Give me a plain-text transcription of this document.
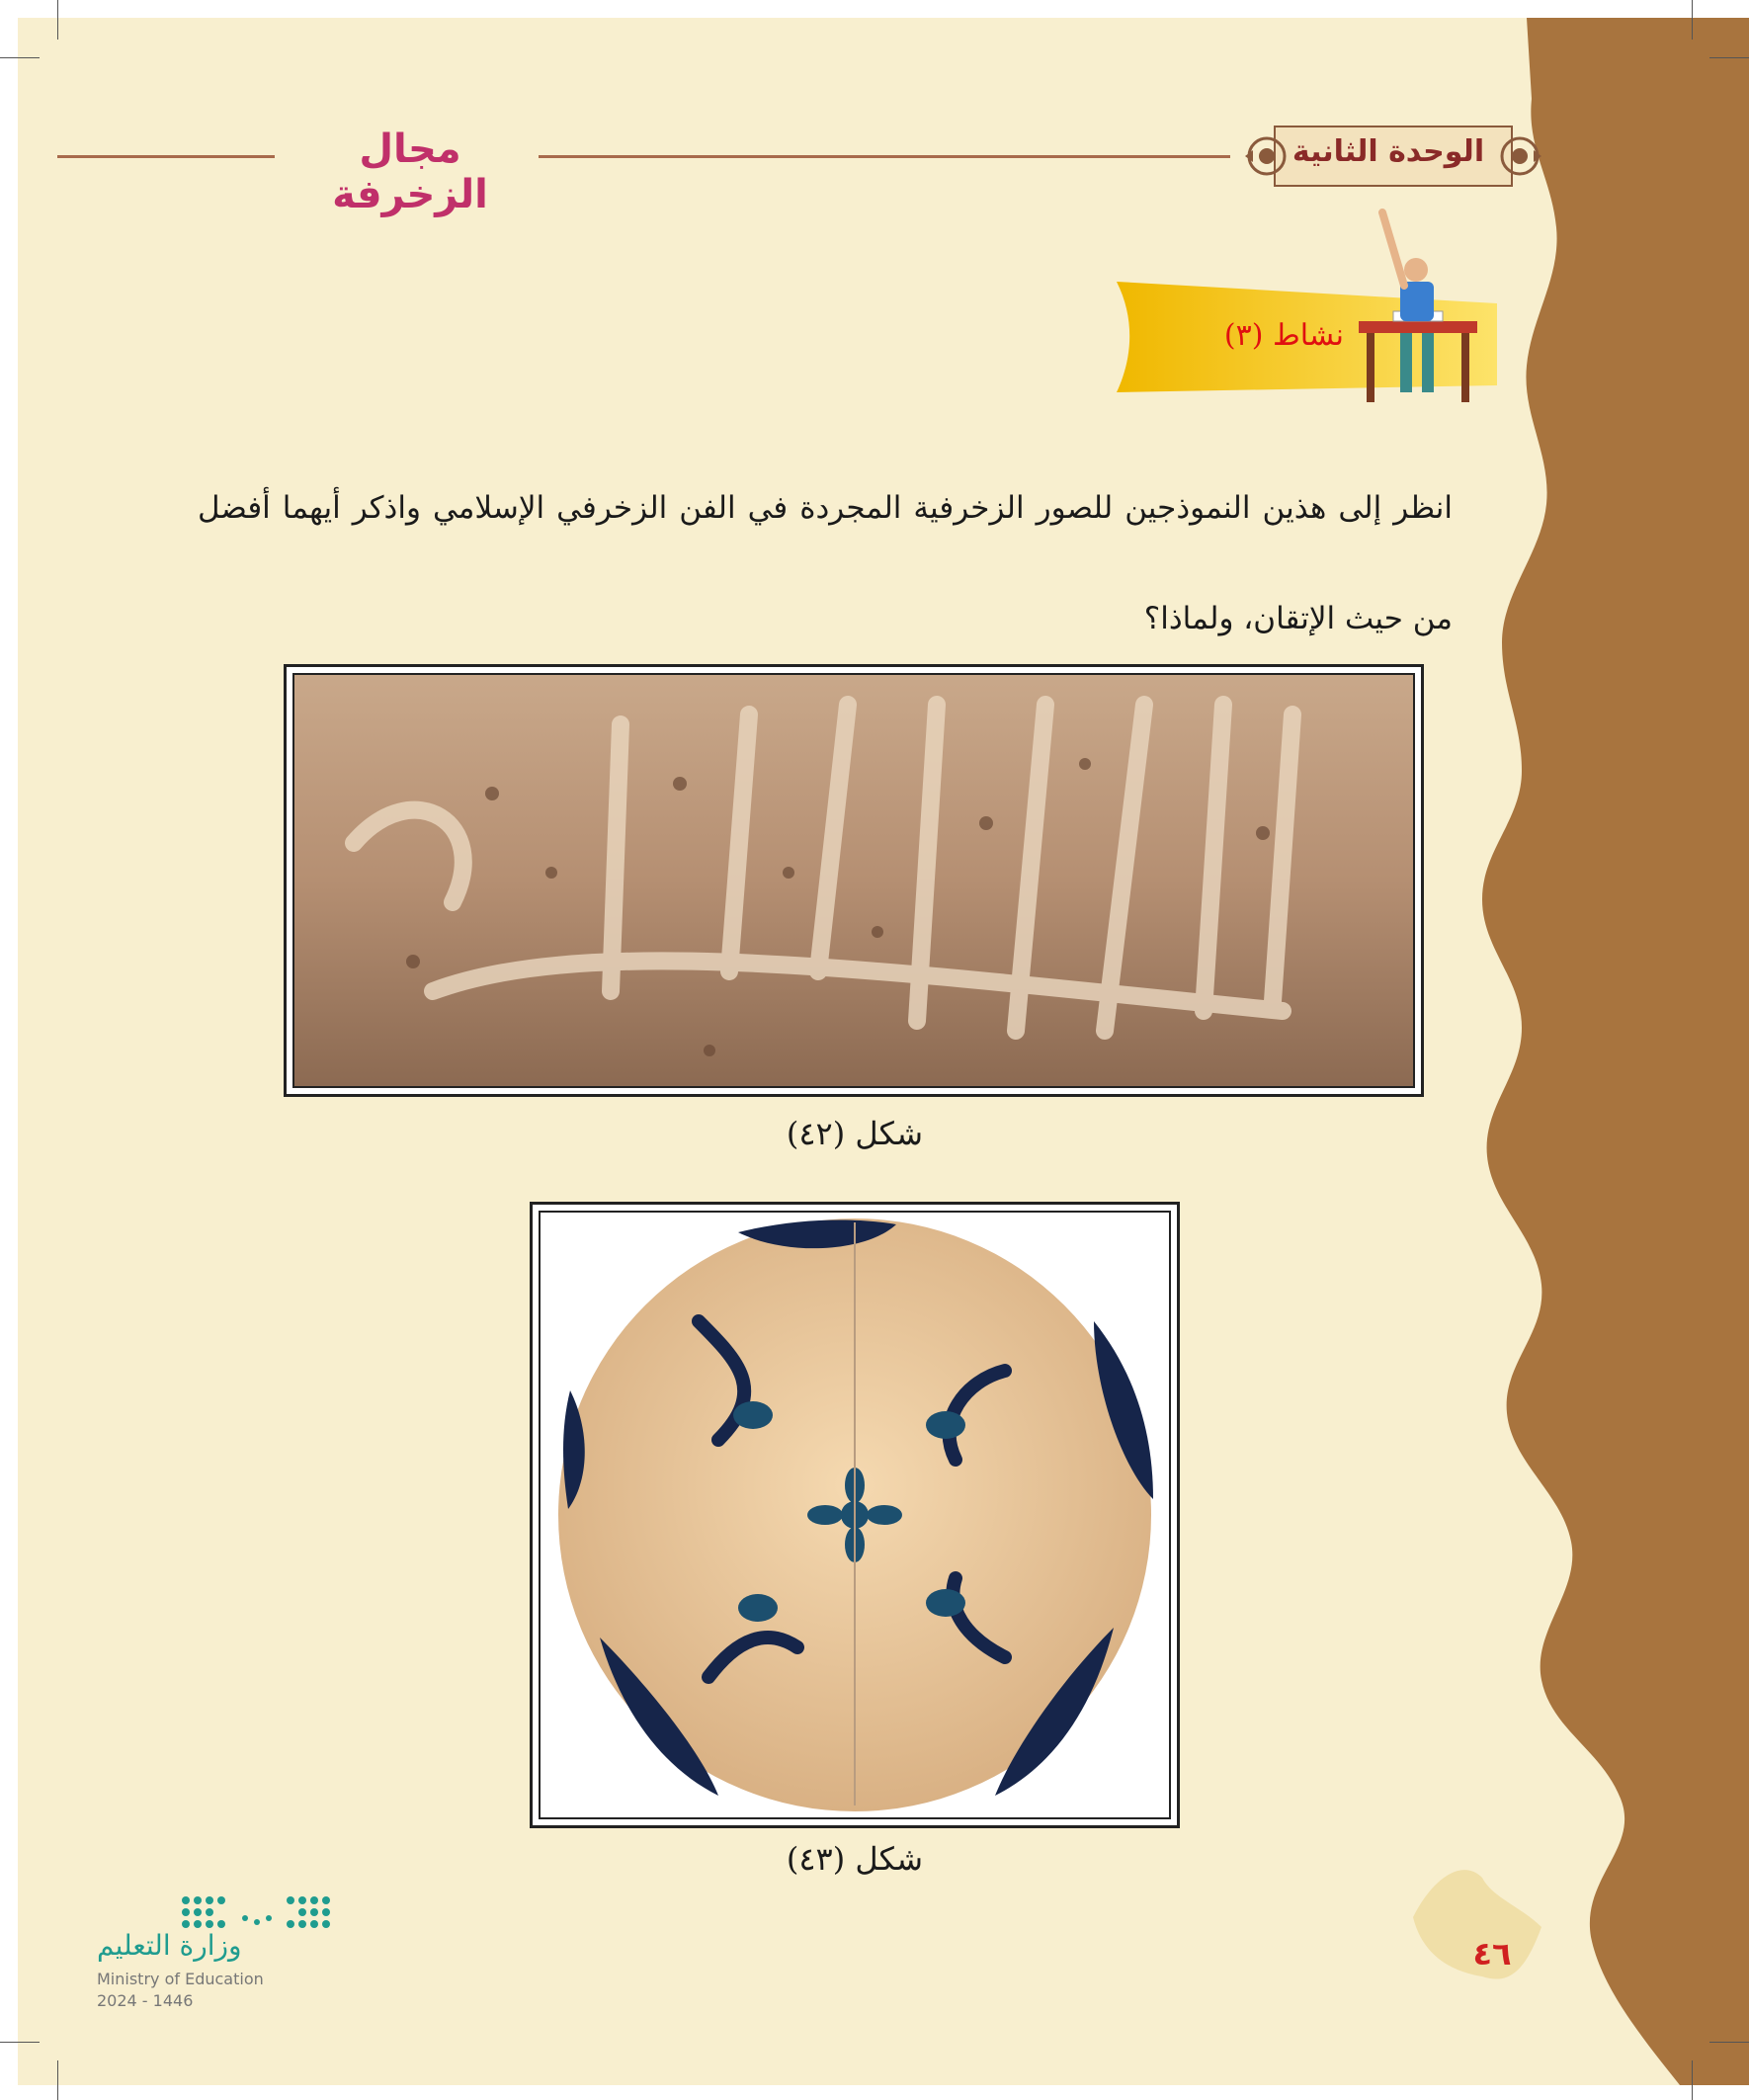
مجال الزخرفة
الوحدة الثانية
نشاط (٣)
انظر إلى هذين النموذجين للصور الزخرفية المجردة في الفن الزخرفي الإسلامي واذكر أيهما أفضل من حيث الإتقان، ولماذا؟
شكل (٤٢)
شكل (٤٣)
وزارة التعليم
Ministry of Education
2024 - 1446
٤٦
